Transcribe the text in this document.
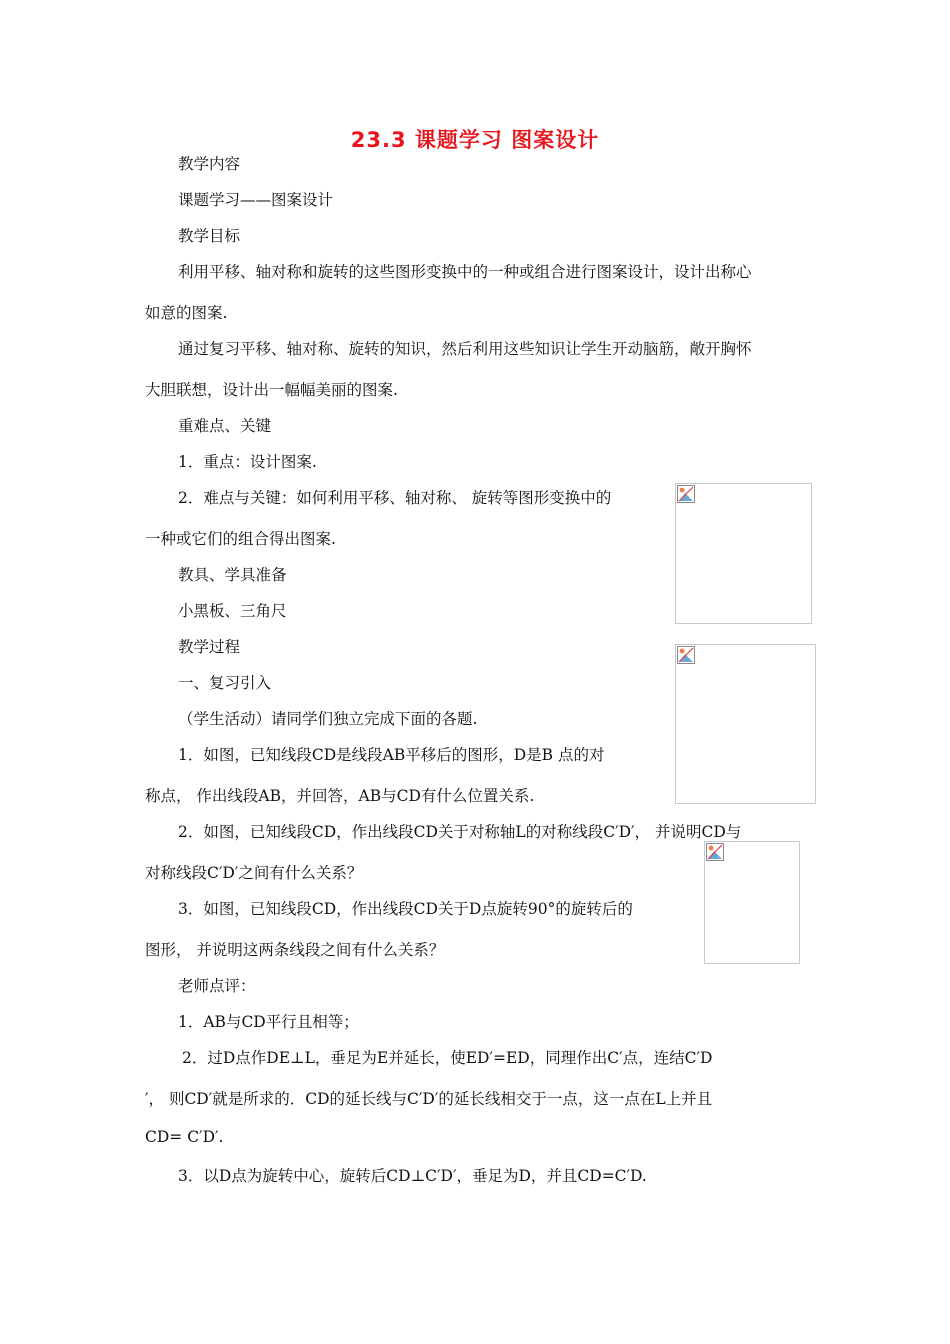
23.3 课题学习 图案设计
教学内容
课题学习——图案设计
教学目标
利用平移、轴对称和旋转的这些图形变换中的一种或组合进行图案设计，设计出称心
如意的图案.
通过复习平移、轴对称、旋转的知识，然后利用这些知识让学生开动脑筋，敞开胸怀
大胆联想，设计出一幅幅美丽的图案.
重难点、关键
1．重点：设计图案.
2．难点与关键：如何利用平移、轴对称、 旋转等图形变换中的
一种或它们的组合得出图案.
教具、学具准备
小黑板、三角尺
教学过程
一、复习引入
（学生活动）请同学们独立完成下面的各题.
1．如图，已知线段CD是线段AB平移后的图形，D是B 点的对
称点， 作出线段AB，并回答，AB与CD有什么位置关系.
2．如图，已知线段CD，作出线段CD关于对称轴L的对称线段C′D′， 并说明CD与
对称线段C′D′之间有什么关系？
3．如图，已知线段CD，作出线段CD关于D点旋转90°的旋转后的
图形， 并说明这两条线段之间有什么关系？
老师点评：
1．AB与CD平行且相等；
2．过D点作DE⊥L，垂足为E并延长，使ED′=ED，同理作出C′点，连结C′D
′， 则CD′就是所求的．CD的延长线与C′D′的延长线相交于一点，这一点在L上并且
CD= C′D′.
3．以D点为旋转中心，旋转后CD⊥C′D′，垂足为D，并且CD=C′D.
